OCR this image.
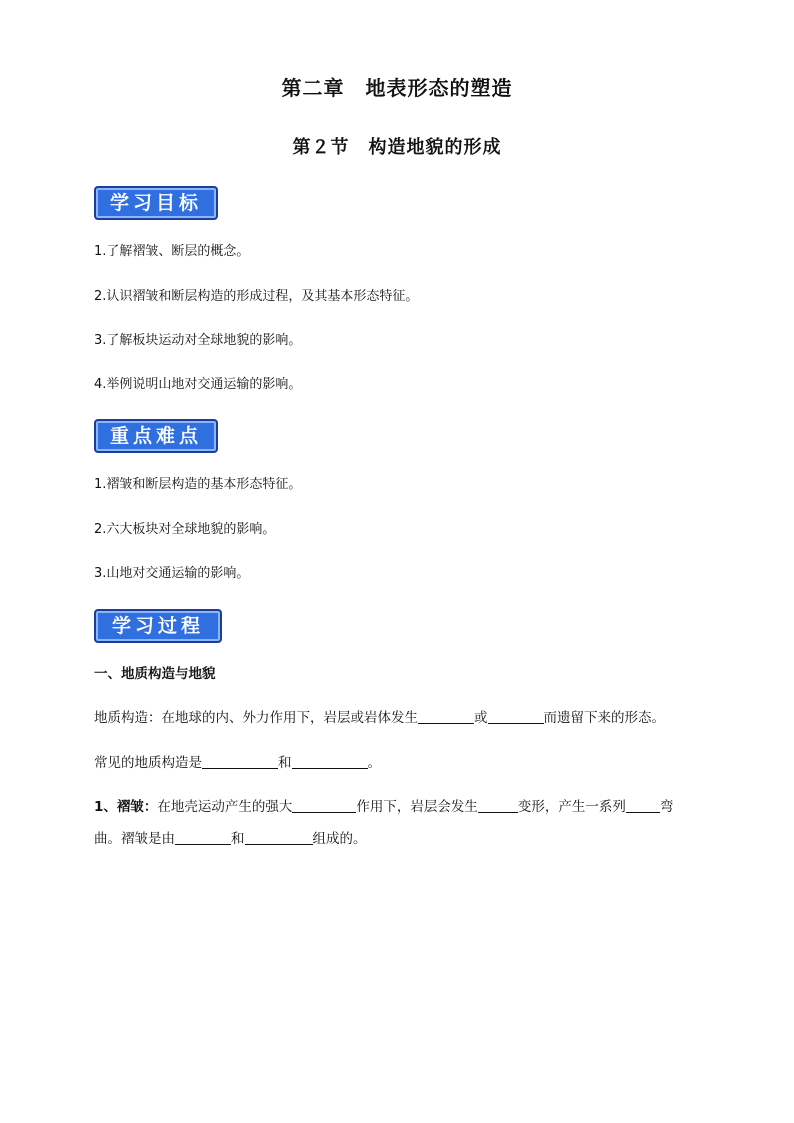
第二章　地表形态的塑造
第２节　构造地貌的形成
学习目标
1.了解褶皱、断层的概念。
2.认识褶皱和断层构造的形成过程，及其基本形态特征。
3.了解板块运动对全球地貌的影响。
4.举例说明山地对交通运输的影响。
重点难点
1.褶皱和断层构造的基本形态特征。
2.六大板块对全球地貌的影响。
3.山地对交通运输的影响。
学习过程
一、地质构造与地貌
地质构造：在地球的内、外力作用下，岩层或岩体发生	或	而遗留下来的形态。
常见的地质构造是	和	。
1、褶皱：在地壳运动产生的强大	作用下，岩层会发生	变形，产生一系列	弯
曲。褶皱是由	和	组成的。
